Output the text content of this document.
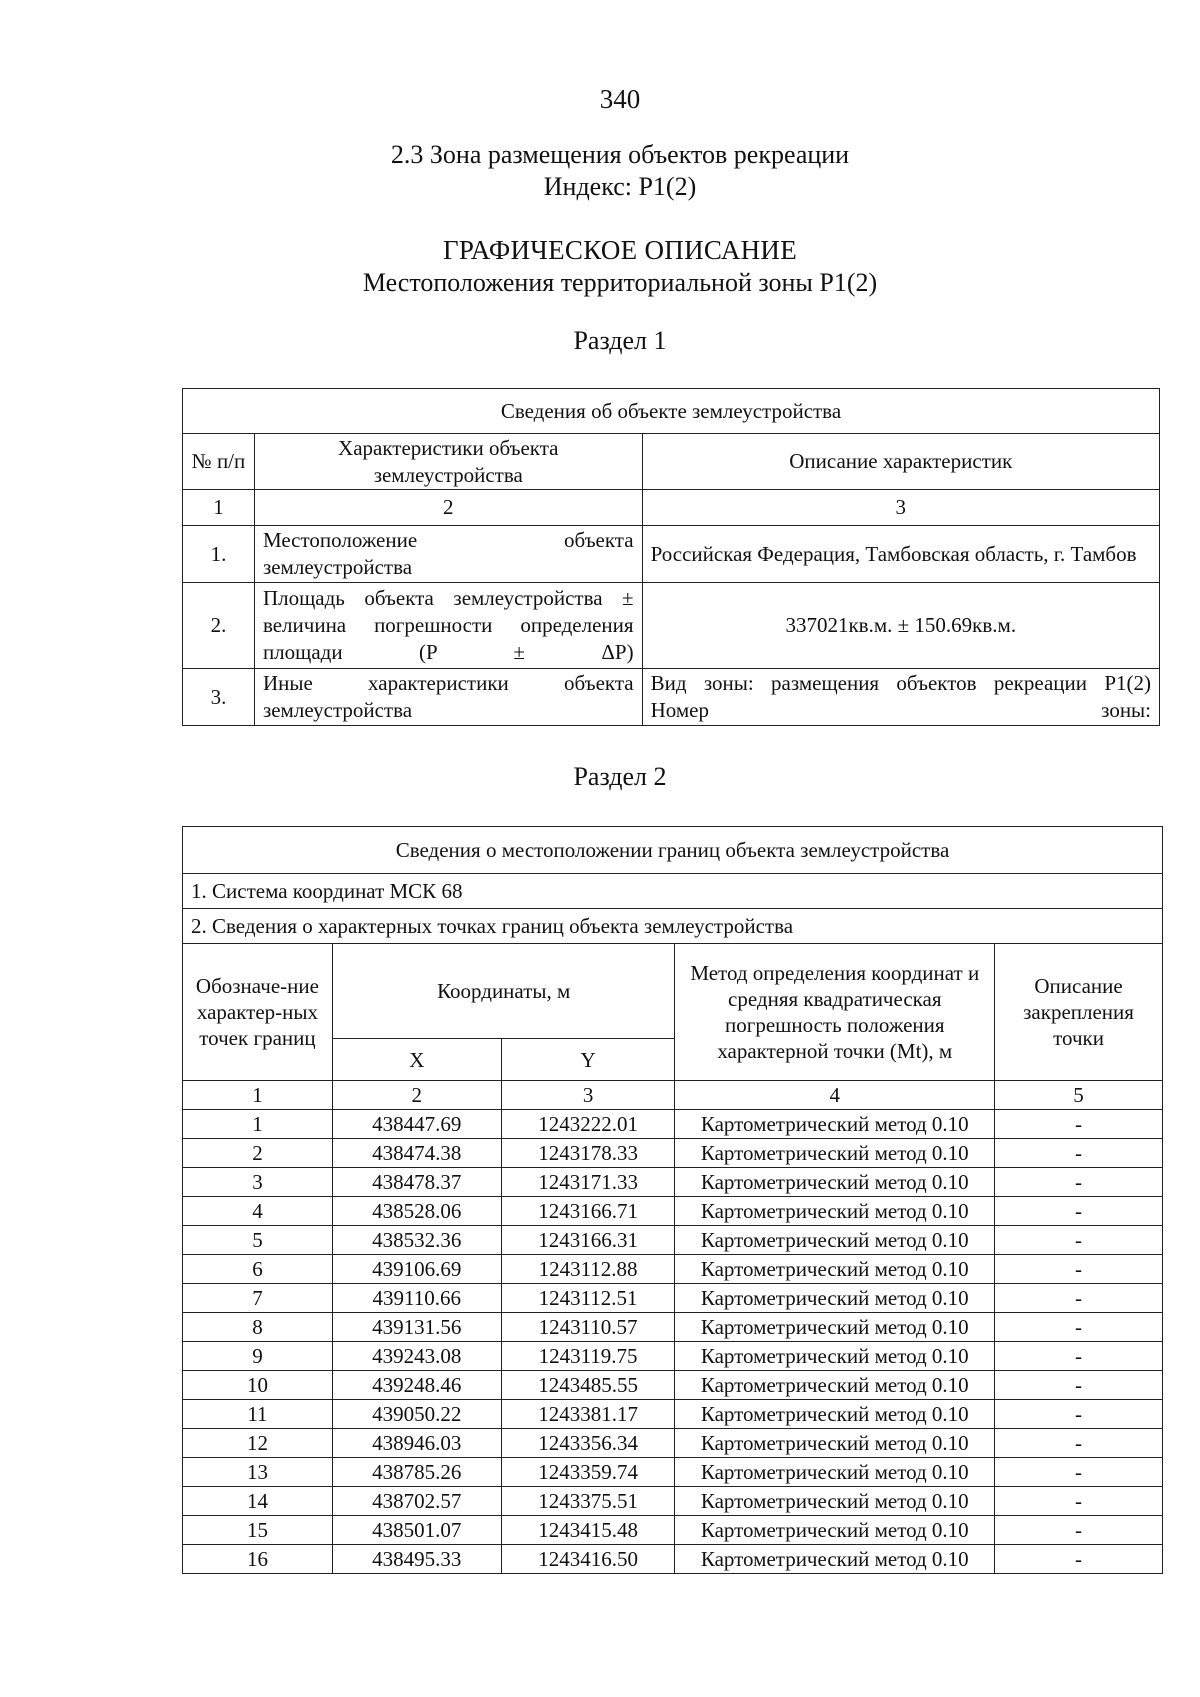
340
2.3 Зона размещения объектов рекреации
Индекс: Р1(2)
ГРАФИЧЕСКОЕ ОПИСАНИЕ
Местоположения территориальной зоны Р1(2)
Раздел 1
Сведения об объекте землеустройства		
№ п/п	Характеристики объекта землеустройства	Описание характеристик
1	2	3
1.	Местоположение объекта землеустройства	Российская Федерация, Тамбовская область, г. Тамбов
2.	Площадь объекта землеустройства ± величина погрешности определения площади (P ± ΔP)	337021кв.м. ± 150.69кв.м.
3.	Иные характеристики объекта землеустройства	Вид зоны: размещения объектов рекреации Р1(2) Номер зоны:
Раздел 2
Сведения о местоположении границ объекта землеустройства				
1. Система координат МСК 68				
2. Сведения о характерных точках границ объекта землеустройства				
Обозначе-ние характер-ных точек границ	Координаты, м		Метод определения координат и средняя квадратическая погрешность положения характерной точки (Mt), м	Описание закрепления точки
	X	Y		
1	2	3	4	5
1	438447.69	1243222.01	Картометрический метод 0.10	-
2	438474.38	1243178.33	Картометрический метод 0.10	-
3	438478.37	1243171.33	Картометрический метод 0.10	-
4	438528.06	1243166.71	Картометрический метод 0.10	-
5	438532.36	1243166.31	Картометрический метод 0.10	-
6	439106.69	1243112.88	Картометрический метод 0.10	-
7	439110.66	1243112.51	Картометрический метод 0.10	-
8	439131.56	1243110.57	Картометрический метод 0.10	-
9	439243.08	1243119.75	Картометрический метод 0.10	-
10	439248.46	1243485.55	Картометрический метод 0.10	-
11	439050.22	1243381.17	Картометрический метод 0.10	-
12	438946.03	1243356.34	Картометрический метод 0.10	-
13	438785.26	1243359.74	Картометрический метод 0.10	-
14	438702.57	1243375.51	Картометрический метод 0.10	-
15	438501.07	1243415.48	Картометрический метод 0.10	-
16	438495.33	1243416.50	Картометрический метод 0.10	-
